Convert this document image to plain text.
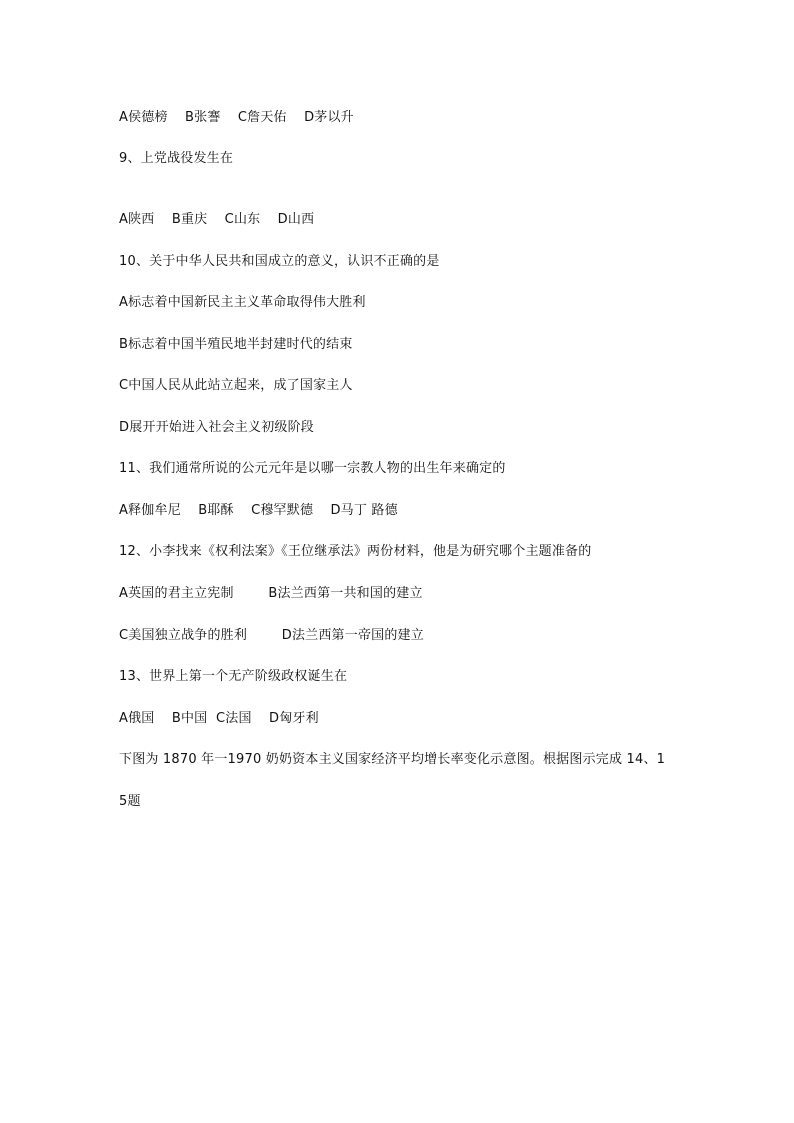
A侯德榜    B张謇    C詹天佑    D茅以升
9、上党战役发生在
A陕西    B重庆    C山东    D山西
10、关于中华人民共和国成立的意义，认识不正确的是
A标志着中国新民主主义革命取得伟大胜利
B标志着中国半殖民地半封建时代的结束
C中国人民从此站立起来，成了国家主人
D展开开始进入社会主义初级阶段
11、我们通常所说的公元元年是以哪一宗教人物的出生年来确定的
A释伽牟尼    B耶酥    C穆罕默德    D马丁 路德
12、小李找来《权利法案》《王位继承法》两份材料，他是为研究哪个主题准备的
A英国的君主立宪制        B法兰西第一共和国的建立
C美国独立战争的胜利        D法兰西第一帝国的建立
13、世界上第一个无产阶级政权诞生在
A俄国    B中国  C法国    D匈牙利
下图为 1870 年一1970 奶奶资本主义国家经济平均增长率变化示意图。根据图示完成 14、1
5题
